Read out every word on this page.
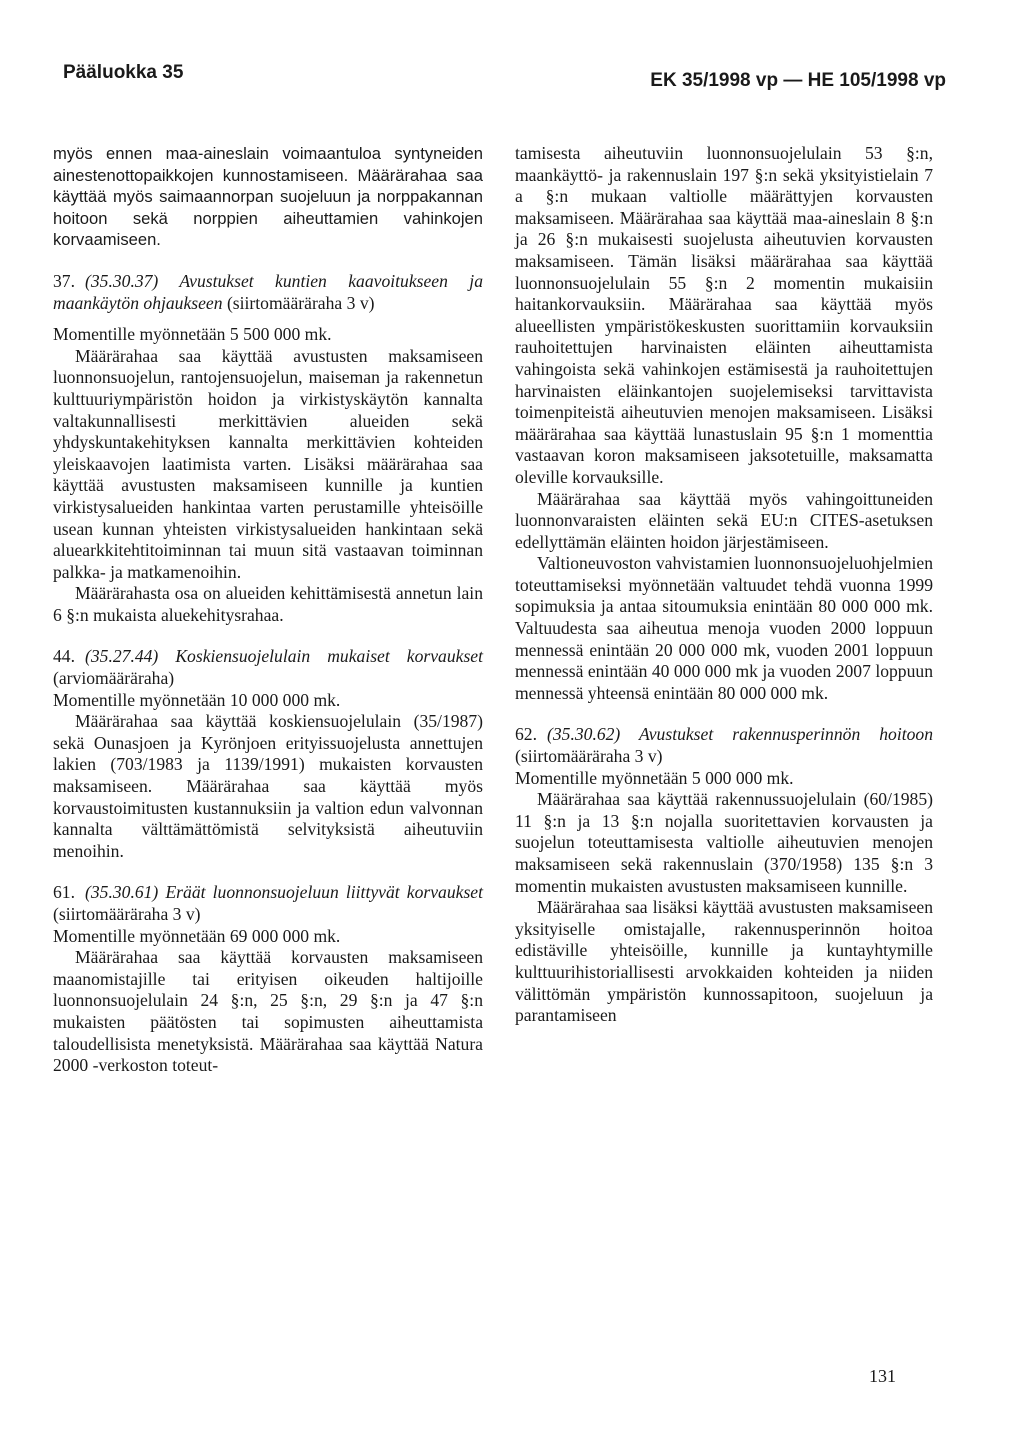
Pääluokka 35	EK 35/1998 vp — HE 105/1998 vp

myös ennen maa-aineslain voimaantuloa syntyneiden ainestenottopaikkojen kunnostamiseen. Määrärahaa saa käyttää myös saimaannorpan suojeluun ja norppakannan hoitoon sekä norppien aiheuttamien vahinkojen korvaamiseen.

37. (35.30.37) Avustukset kuntien kaavoitukseen ja maankäytön ohjaukseen (siirtomääräraha 3 v)

Momentille myönnetään 5 500 000 mk.

Määrärahaa saa käyttää avustusten maksamiseen luonnonsuojelun, rantojensuojelun, maiseman ja rakennetun kulttuuriympäristön hoidon ja virkistyskäytön kannalta valtakunnallisesti merkittävien alueiden sekä yhdyskuntakehityksen kannalta merkittävien kohteiden yleiskaavojen laatimista varten. Lisäksi määrärahaa saa käyttää avustusten maksamiseen kunnille ja kuntien virkistysalueiden hankintaa varten perustamille yhteisöille usean kunnan yhteisten virkistysalueiden hankintaan sekä aluearkkitehtitoiminnan tai muun sitä vastaavan toiminnan palkka- ja matkamenoihin.

Määrärahasta osa on alueiden kehittämisestä annetun lain 6 §:n mukaista aluekehitysrahaa.

44. (35.27.44) Koskiensuojelulain mukaiset korvaukset (arviomääräraha)

Momentille myönnetään 10 000 000 mk.

Määrärahaa saa käyttää koskiensuojelulain (35/1987) sekä Ounasjoen ja Kyrönjoen erityissuojelusta annettujen lakien (703/1983 ja 1139/1991) mukaisten korvausten maksamiseen. Määrärahaa saa käyttää myös korvaustoimitusten kustannuksiin ja valtion edun valvonnan kannalta välttämättömistä selvityksistä aiheutuviin menoihin.

61. (35.30.61) Eräät luonnonsuojeluun liittyvät korvaukset (siirtomääräraha 3 v)

Momentille myönnetään 69 000 000 mk.

Määrärahaa saa käyttää korvausten maksamiseen maanomistajille tai erityisen oikeuden haltijoille luonnonsuojelulain 24 §:n, 25 §:n, 29 §:n ja 47 §:n mukaisten päätösten tai sopimusten aiheuttamista taloudellisista menetyksistä. Määrärahaa saa käyttää Natura 2000 -verkoston toteut-

tamisesta aiheutuviin luonnonsuojelulain 53 §:n, maankäyttö- ja rakennuslain 197 §:n sekä yksityistielain 7 a §:n mukaan valtiolle määrättyjen korvausten maksamiseen. Määrärahaa saa käyttää maa-aineslain 8 §:n ja 26 §:n mukaisesti suojelusta aiheutuvien korvausten maksamiseen. Tämän lisäksi määrärahaa saa käyttää luonnonsuojelulain 55 §:n 2 momentin mukaisiin haitankorvauksiin. Määrärahaa saa käyttää myös alueellisten ympäristökeskusten suorittamiin korvauksiin rauhoitettujen harvinaisten eläinten aiheuttamista vahingoista sekä vahinkojen estämisestä ja rauhoitettujen harvinaisten eläinkantojen suojelemiseksi tarvittavista toimenpiteistä aiheutuvien menojen maksamiseen. Lisäksi määrärahaa saa käyttää lunastuslain 95 §:n 1 momenttia vastaavan koron maksamiseen jaksotetuille, maksamatta oleville korvauksille.

Määrärahaa saa käyttää myös vahingoittuneiden luonnonvaraisten eläinten sekä EU:n CITES-asetuksen edellyttämän eläinten hoidon järjestämiseen.

Valtioneuvoston vahvistamien luonnonsuojeluohjelmien toteuttamiseksi myönnetään valtuudet tehdä vuonna 1999 sopimuksia ja antaa sitoumuksia enintään 80 000 000 mk. Valtuudesta saa aiheutua menoja vuoden 2000 loppuun mennessä enintään 20 000 000 mk, vuoden 2001 loppuun mennessä enintään 40 000 000 mk ja vuoden 2007 loppuun mennessä yhteensä enintään 80 000 000 mk.

62. (35.30.62) Avustukset rakennusperinnön hoitoon (siirtomääräraha 3 v)

Momentille myönnetään 5 000 000 mk.

Määrärahaa saa käyttää rakennussuojelulain (60/1985) 11 §:n ja 13 §:n nojalla suoritettavien korvausten ja suojelun toteuttamisesta valtiolle aiheutuvien menojen maksamiseen sekä rakennuslain (370/1958) 135 §:n 3 momentin mukaisten avustusten maksamiseen kunnille.

Määrärahaa saa lisäksi käyttää avustusten maksamiseen yksityiselle omistajalle, rakennusperinnön hoitoa edistäville yhteisöille, kunnille ja kuntayhtymille kulttuurihistoriallisesti arvokkaiden kohteiden ja niiden välittömän ympäristön kunnossapitoon, suojeluun ja parantamiseen

131
